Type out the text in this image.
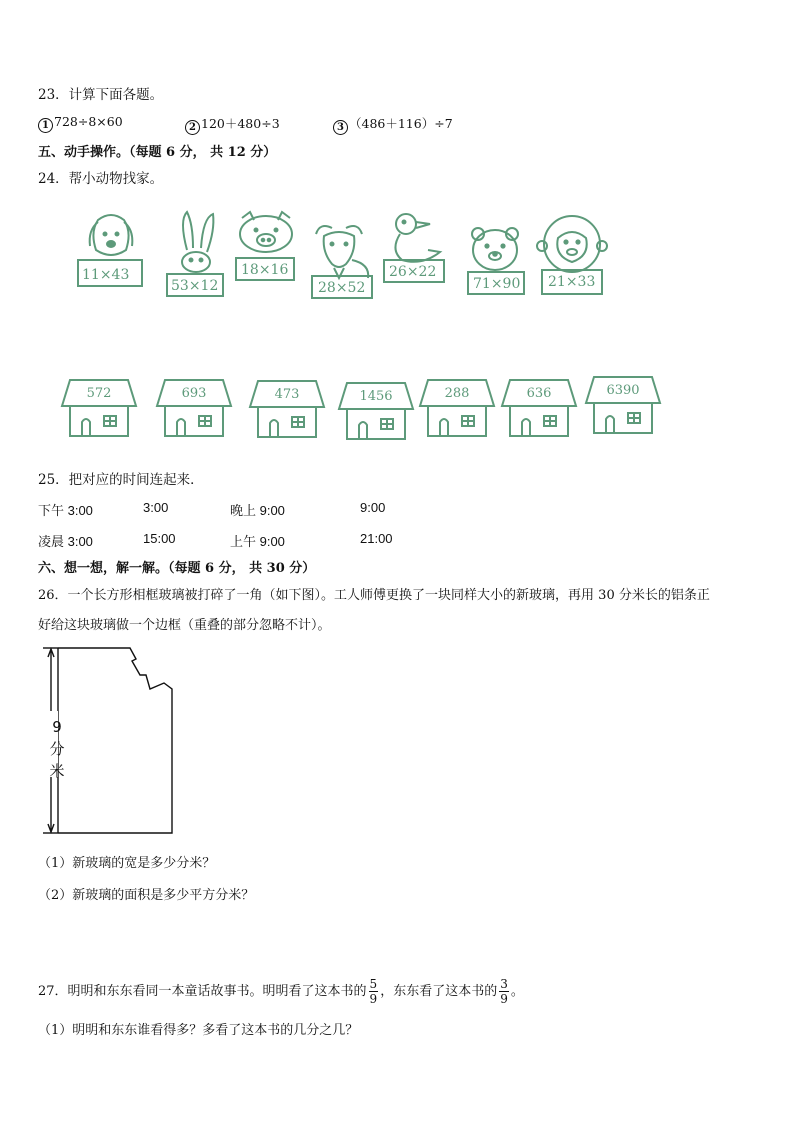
23．计算下面各题。
1 728÷8×60	2 120＋480÷3	3 （486＋116）÷7
五、动手操作。（每题 6 分， 共 12 分）
24．帮小动物找家。
11×43
53×12
18×16
28×52
26×22
71×90 21×33
572	693	473	1456	288	636	6390
25．把对应的时间连起来．
下午 3:00	3:00	晚上 9:00	9:00
凌晨 3:00	15:00	上午 9:00	21:00
六、想一想，解一解。（每题 6 分， 共 30 分）
26．一个长方形相框玻璃被打碎了一角（如下图）。工人师傅更换了一块同样大小的新玻璃，再用 30 分米长的铝条正
好给这块玻璃做一个边框（重叠的部分忽略不计）。
9
分
米
（1）新玻璃的宽是多少分米？
（2）新玻璃的面积是多少平方分米？
27．明明和东东看同一本童话故事书。明明看了这本书的 $\frac{5}{9}$ ，东东看了这本书的 $\frac{3}{9}$ 。
（1）明明和东东谁看得多？多看了这本书的几分之几？
